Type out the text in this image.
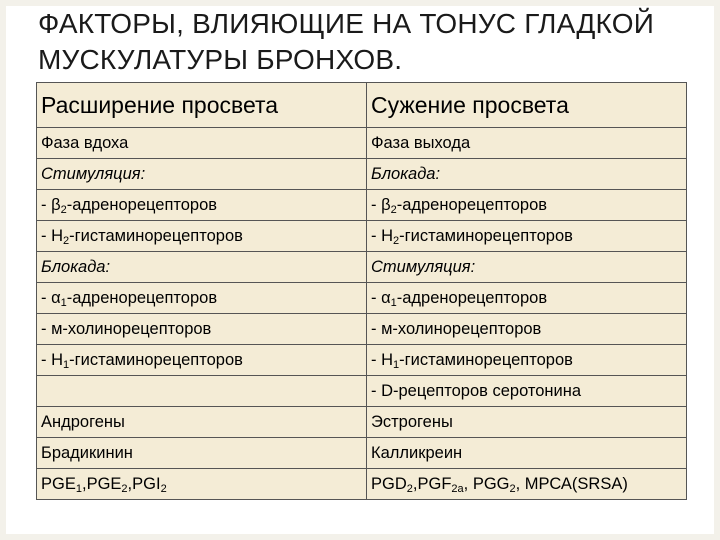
ФАКТОРЫ, ВЛИЯЮЩИЕ НА ТОНУС ГЛАДКОЙ
МУСКУЛАТУРЫ БРОНХОВ.
Расширение просвета	Сужение просвета
Фаза вдоха	Фаза выхода
Стимуляция:	Блокада:
- $\beta_2$-адренорецепторов	- $\beta_2$-адренорецепторов
- $H_2$-гистаминорецепторов	- $H_2$-гистаминорецепторов
Блокада:	Стимуляция:
- $\alpha_1$-адренорецепторов	- $\alpha_1$-адренорецепторов
- м-холинорецепторов	- м-холинорецепторов
- $H_1$-гистаминорецепторов	- $H_1$-гистаминорецепторов
	- D-рецепторов серотонина
Андрогены	Эстрогены
Брадикинин	Калликреин
$PGE_1,PGE_2,PGI_2$	$PGD_2,PGF_{2a}$, $PGG_2$, МРСА(SRSA)
